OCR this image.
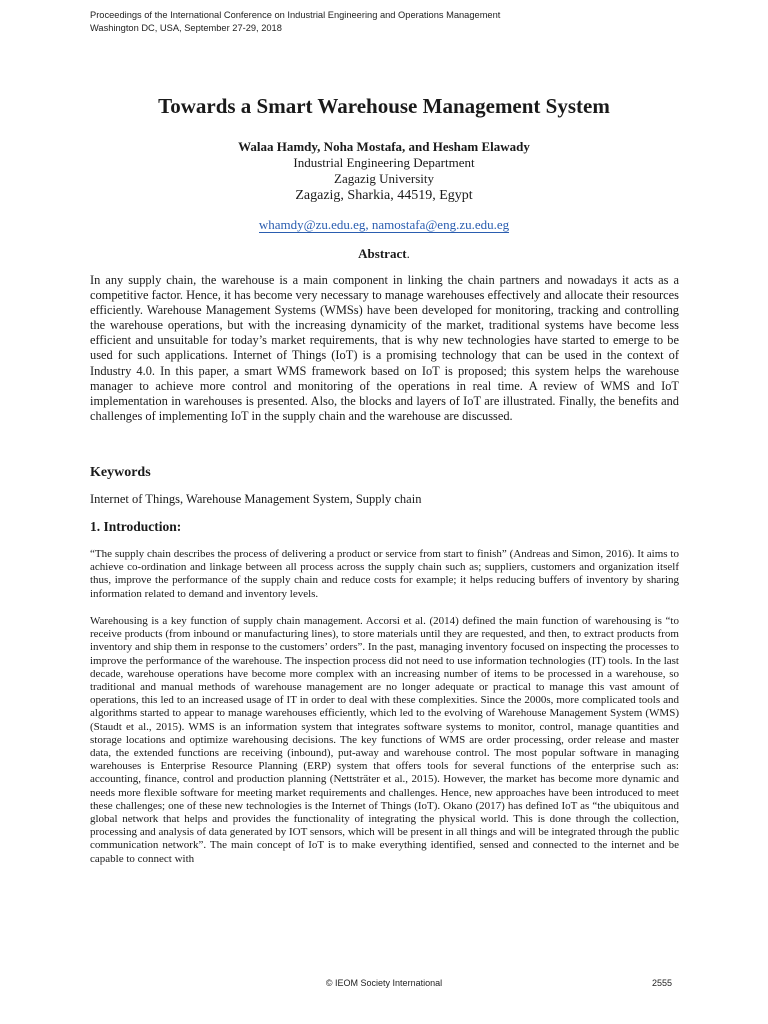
Proceedings of the International Conference on Industrial Engineering and Operations Management
Washington DC, USA, September 27-29, 2018
Towards a Smart Warehouse Management System
Walaa Hamdy, Noha Mostafa, and Hesham Elawady
Industrial Engineering Department
Zagazig University
Zagazig, Sharkia, 44519, Egypt
whamdy@zu.edu.eg, namostafa@eng.zu.edu.eg
Abstract.

In any supply chain, the warehouse is a main component in linking the chain partners and nowadays it acts as a competitive factor. Hence, it has become very necessary to manage warehouses effectively and allocate their resources efficiently. Warehouse Management Systems (WMSs) have been developed for monitoring, tracking and controlling the warehouse operations, but with the increasing dynamicity of the market, traditional systems have become less efficient and unsuitable for today’s market requirements, that is why new technologies have started to emerge to be used for such applications. Internet of Things (IoT) is a promising technology that can be used in the context of Industry 4.0. In this paper, a smart WMS framework based on IoT is proposed; this system helps the warehouse manager to achieve more control and monitoring of the operations in real time. A review of WMS and IoT implementation in warehouses is presented. Also, the blocks and layers of IoT are illustrated. Finally, the benefits and challenges of implementing IoT in the supply chain and the warehouse are discussed.

Keywords
Internet of Things, Warehouse Management System, Supply chain
1. Introduction:

“The supply chain describes the process of delivering a product or service from start to finish” (Andreas and Simon, 2016). It aims to achieve co-ordination and linkage between all process across the supply chain such as; suppliers, customers and organization itself thus, improve the performance of the supply chain and reduce costs for example; it helps reducing buffers of inventory by sharing information related to demand and inventory levels.

Warehousing is a key function of supply chain management. Accorsi et al. (2014) defined the main function of warehousing is “to receive products (from inbound or manufacturing lines), to store materials until they are requested, and then, to extract products from inventory and ship them in response to the customers’ orders”. In the past, managing inventory focused on inspecting the processes to improve the performance of the warehouse. The inspection process did not need to use information technologies (IT) tools. In the last decade, warehouse operations have become more complex with an increasing number of items to be processed in a warehouse, so traditional and manual methods of warehouse management are no longer adequate or practical to manage this vast amount of operations, this led to an increased usage of IT in order to deal with these complexities. Since the 2000s, more complicated tools and algorithms started to appear to manage warehouses efficiently, which led to the evolving of Warehouse Management System (WMS) (Staudt et al., 2015). WMS is an information system that integrates software systems to monitor, control, manage quantities and storage locations and optimize warehousing decisions. The key functions of WMS are order processing, order release and master data, the extended functions are receiving (inbound), put-away and warehouse control. The most popular software in managing warehouses is Enterprise Resource Planning (ERP) system that offers tools for several functions of the enterprise such as: accounting, finance, control and production planning (Nettsträter et al., 2015). However, the market has become more dynamic and needs more flexible software for meeting market requirements and challenges. Hence, new approaches have been introduced to meet these challenges; one of these new technologies is the Internet of Things (IoT). Okano (2017) has defined IoT as “the ubiquitous and global network that helps and provides the functionality of integrating the physical world. This is done through the collection, processing and analysis of data generated by IOT sensors, which will be present in all things and will be integrated through the public communication network”. The main concept of IoT is to make everything identified, sensed and connected to the internet and be capable to connect with

© IEOM Society International	2555
